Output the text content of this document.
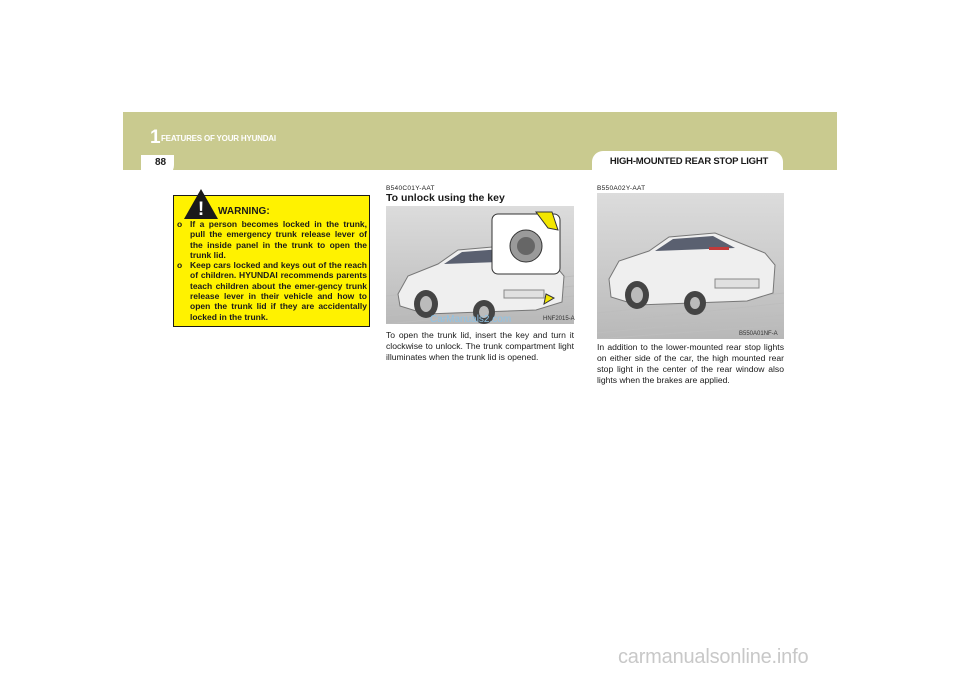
1 FEATURES OF YOUR HYUNDAI
88	HIGH-MOUNTED REAR STOP LIGHT
! WARNING:
o If a person becomes locked in the trunk, pull the emergency trunk release lever of the inside panel in the trunk to open the trunk lid.
o Keep cars locked and keys out of the reach of children. HYUNDAI recommends parents teach children about the emer-gency trunk release lever in their vehicle and how to open the trunk lid if they are accidentally locked in the trunk.
B540C01Y-AAT
To unlock using the key
HNF2015-A
CarManuals2.com

To open the trunk lid, insert the key and turn it clockwise to unlock. The trunk compartment light illuminates when the trunk lid is opened.

B550A02Y-AAT
B550A01NF-A

In addition to the lower-mounted rear stop lights on either side of the car, the high mounted rear stop light in the center of the rear window also lights when the brakes are applied.

carmanualsonline.info
